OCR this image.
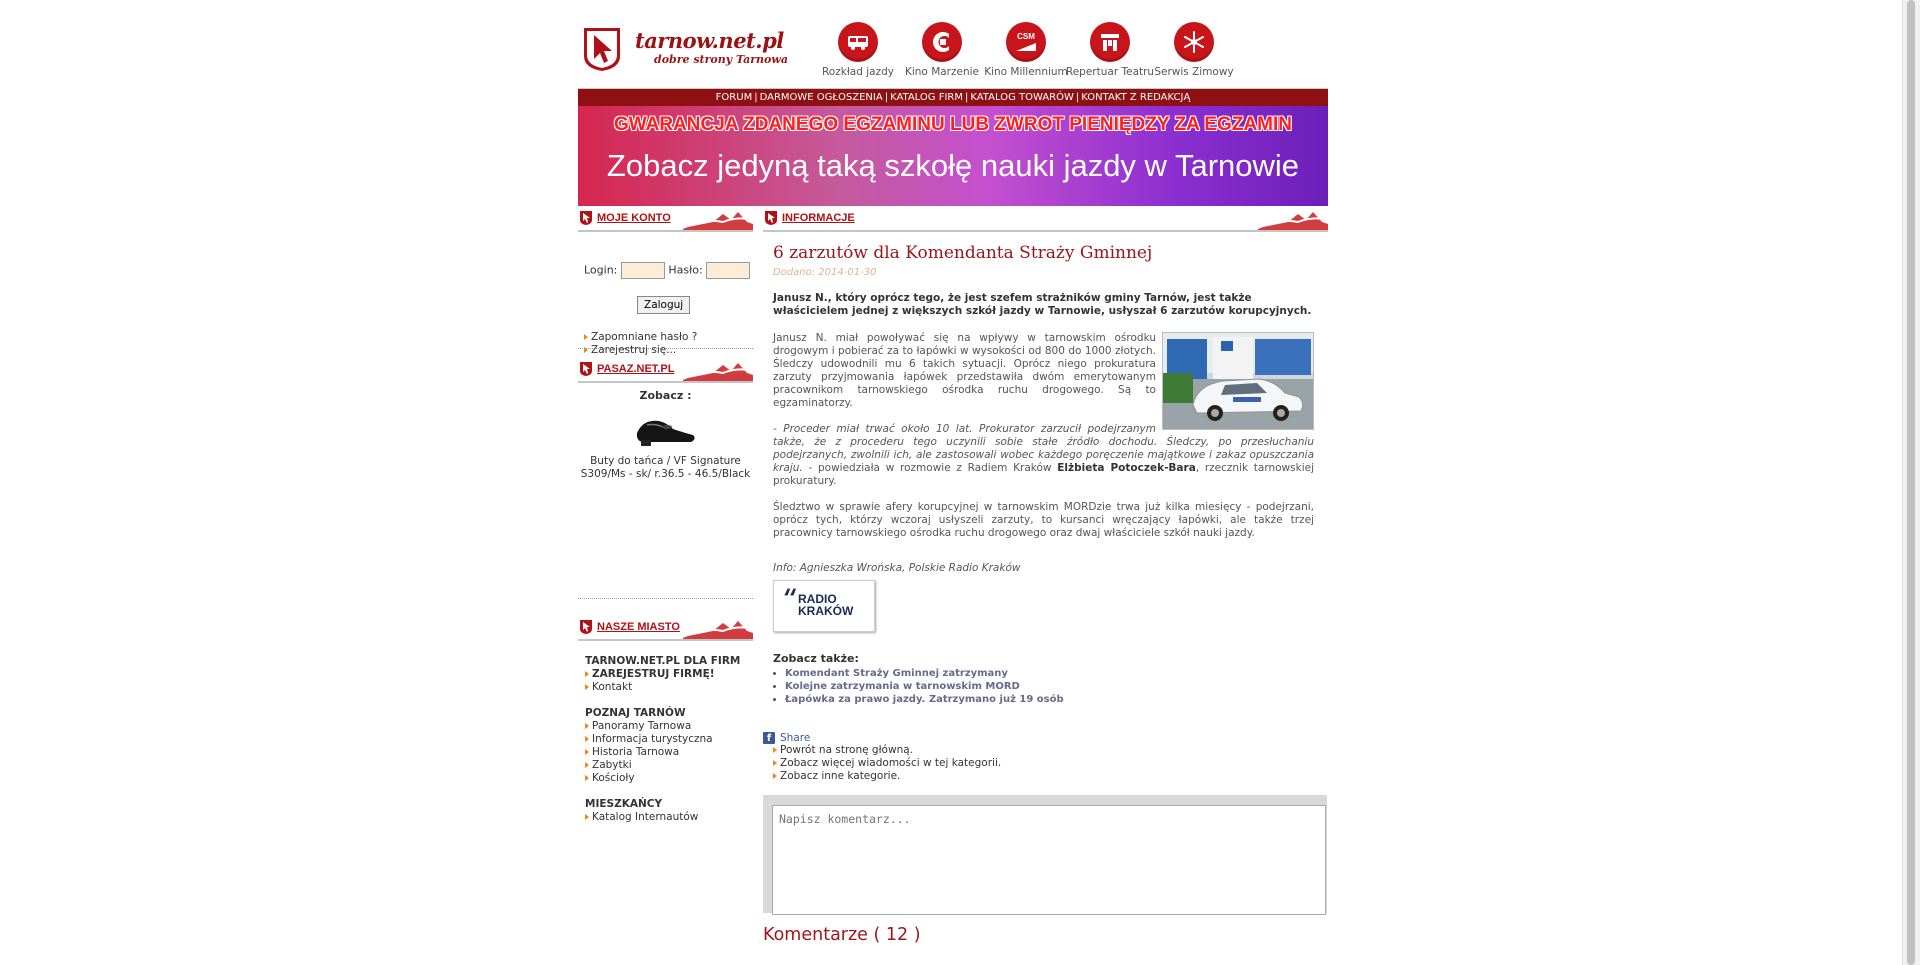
tarnow.net.pl
dobre strony Tarnowa
Rozkład jazdy	Kino Marzenie
CSM
Kino Millennium
Repertuar Teatru Serwis Zimowy
FORUM | DARMOWE OGŁOSZENIA | KATALOG FIRM | KATALOG TOWARÓW | KONTAKT Z REDAKCJĄ
GWARANCJA ZDANEGO EGZAMINU LUB ZWROT PIENIĘDZY ZA EGZAMIN
Zobacz jedyną taką szkołę nauki jazdy w Tarnowie
MOJE KONTO
Login:	Hasło:
Zaloguj
Zapomniane hasło ?
Zarejestruj się...
PASAZ.NET.PL
Zobacz :
Buty do tańca / VF Signature S309/Ms - sk/ r.36.5 - 46.5/Black
NASZE MIASTO
TARNOW.NET.PL DLA FIRM
ZAREJESTRUJ FIRMĘ!
Kontakt
POZNAJ TARNÓW
Panoramy Tarnowa
Informacja turystyczna
Historia Tarnowa
Zabytki
Kościoły
MIESZKAŃCY
Katalog Internautów
INFORMACJE
6 zarzutów dla Komendanta Straży Gminnej
Dodano: 2014-01-30
Janusz N., który oprócz tego, że jest szefem strażników gminy Tarnów, jest także właścicielem jednej z większych szkół jazdy w Tarnowie, usłyszał 6 zarzutów korupcyjnych.

Janusz N. miał powoływać się na wpływy w tarnowskim ośrodku drogowym i pobierać za to łapówki w wysokości od 800 do 1000 złotych. Śledczy udowodnili mu 6 takich sytuacji. Oprócz niego prokuratura zarzuty przyjmowania łapówek przedstawiła dwóm emerytowanym pracownikom tarnowskiego ośrodka ruchu drogowego. Są to egzaminatorzy.

- Proceder miał trwać około 10 lat. Prokurator zarzucił podejrzanym także, że z procederu tego uczynili sobie stałe źródło dochodu. Śledczy, po przesłuchaniu podejrzanych, zwolnili ich, ale zastosowali wobec każdego poręczenie majątkowe i zakaz opuszczania kraju. - powiedziała w rozmowie z Radiem Kraków Elżbieta Potoczek-Bara, rzecznik tarnowskiej prokuratury.

Śledztwo w sprawie afery korupcyjnej w tarnowskim MORDzie trwa już kilka miesięcy - podejrzani, oprócz tych, którzy wczoraj usłyszeli zarzuty, to kursanci wręczający łapówki, ale także trzej pracownicy tarnowskiego ośrodka ruchu drogowego oraz dwaj właściciele szkół nauki jazdy.

Info: Agnieszka Wrońska, Polskie Radio Kraków
RADIO
KRAKÓW
Zobacz także:
• Komendant Straży Gminnej zatrzymany
• Kolejne zatrzymania w tarnowskim MORD
• Łapówka za prawo jazdy. Zatrzymano już 19 osób
f Share
Powrót na stronę główną.
Zobacz więcej wiadomości w tej kategorii.
Zobacz inne kategorie.
Napisz komentarz...
Komentarze ( 12 )
